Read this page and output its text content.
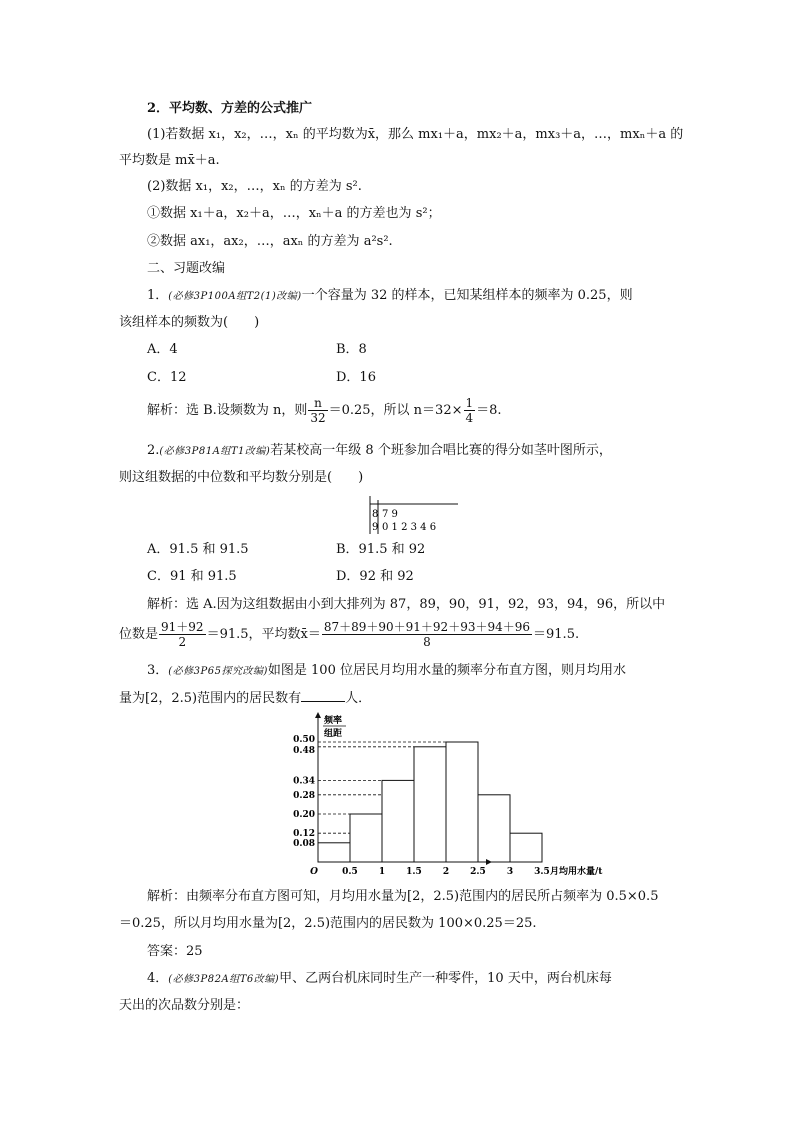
2．平均数、方差的公式推广
(1)若数据 x₁，x₂，…，xₙ 的平均数为x̄，那么 mx₁＋a，mx₂＋a，mx₃＋a，…，mxₙ＋a 的
平均数是 mx̄＋a.
(2)数据 x₁，x₂，…，xₙ 的方差为 s².
①数据 x₁＋a，x₂＋a，…，xₙ＋a 的方差也为 s²；
②数据 ax₁，ax₂，…，axₙ 的方差为 a²s².
二、习题改编
1．(必修3P100A组T2(1)改编)一个容量为 32 的样本，已知某组样本的频率为 0.25，则
该组样本的频数为(　　)
A．4	B．8
C．12	D．16
解析：选 B.设频数为 n，则 $\frac{n}{32} =0.25$，所以 $n=32\times \frac{1}{4} =8$.
2.(必修3P81A组T1改编)若某校高一年级 8 个班参加合唱比赛的得分如茎叶图所示，
则这组数据的中位数和平均数分别是(　　)
8 7 9
9 0 1 2 3 4 6
A．91.5 和 91.5	B．91.5 和 92
C．91 和 91.5	D．92 和 92
解析：选 A.因为这组数据由小到大排列为 87，89，90，91，92，93，94，96，所以中
位数是 $\frac{91+92}{2} =91.5$，平均数x̄＝ $\frac{87+89+90+91+92+93+94+96}{8} =91.5$.
3．(必修3P65探究改编)如图是 100 位居民月均用水量的频率分布直方图，则月均用水
量为[2，2.5)范围内的居民数有	人．
频率
组距
0.50
0.48
0.34
0.28
0.20
0.12
0.08
O	0.5 1 1.5 2 2.5 3 3.5 月均用水量/t
解析：由频率分布直方图可知，月均用水量为[2，2.5)范围内的居民所占频率为 0.5×0.5
＝0.25，所以月均用水量为[2，2.5)范围内的居民数为 100×0.25＝25.
答案：25
4．(必修3P82A组T6改编)甲、乙两台机床同时生产一种零件，10 天中，两台机床每
天出的次品数分别是：
